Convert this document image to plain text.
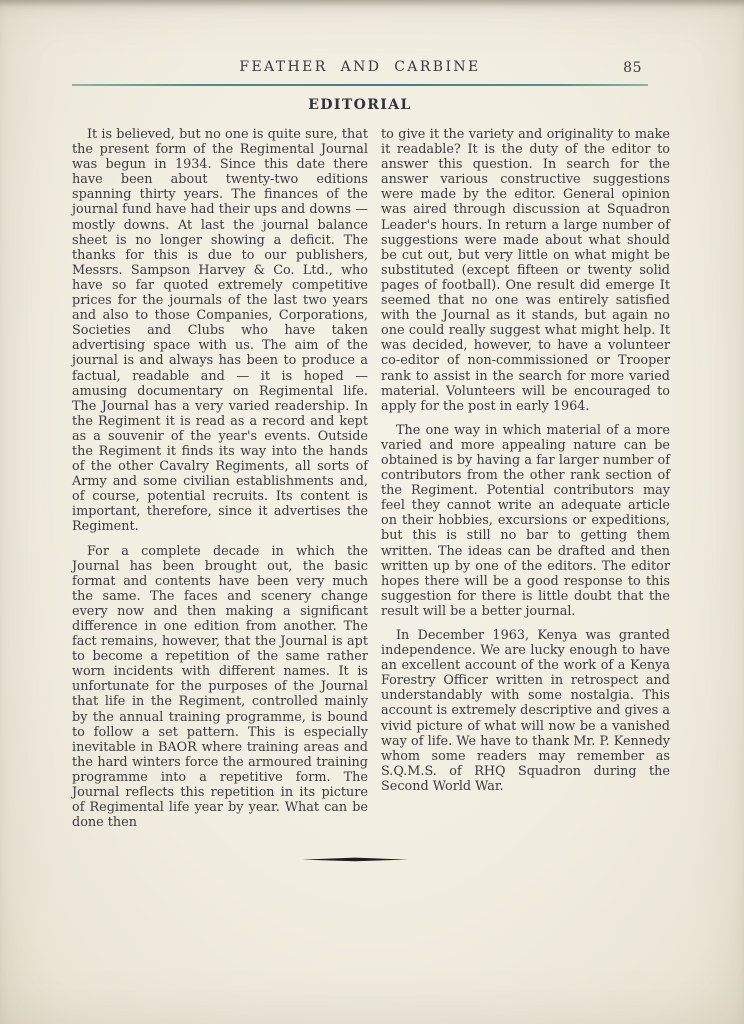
FEATHER AND CARBINE	85
EDITORIAL

It is believed, but no one is quite sure, that the present form of the Regimental Journal was begun in 1934. Since this date there have been about twenty-two editions spanning thirty years. The finances of the journal fund have had their ups and downs —mostly downs. At last the journal balance sheet is no longer showing a deficit. The thanks for this is due to our publishers, Messrs. Sampson Harvey & Co. Ltd., who have so far quoted extremely competitive prices for the journals of the last two years and also to those Companies, Corporations, Societies and Clubs who have taken advertising space with us. The aim of the journal is and always has been to produce a factual, readable and — it is hoped — amusing documentary on Regimental life. The Journal has a very varied readership. In the Regiment it is read as a record and kept as a souvenir of the year's events. Outside the Regiment it finds its way into the hands of the other Cavalry Regiments, all sorts of Army and some civilian establishments and, of course, potential recruits. Its content is important, therefore, since it advertises the Regiment.

For a complete decade in which the Journal has been brought out, the basic format and contents have been very much the same. The faces and scenery change every now and then making a significant difference in one edition from another. The fact remains, however, that the Journal is apt to become a repetition of the same rather worn incidents with different names. It is unfortunate for the purposes of the Journal that life in the Regiment, controlled mainly by the annual training programme, is bound to follow a set pattern. This is especially inevitable in BAOR where training areas and the hard winters force the armoured training programme into a repetitive form. The Journal reflects this repetition in its picture of Regimental life year by year. What can be done then

to give it the variety and originality to make it readable? It is the duty of the editor to answer this question. In search for the answer various constructive suggestions were made by the editor. General opinion was aired through discussion at Squadron Leader's hours. In return a large number of suggestions were made about what should be cut out, but very little on what might be substituted (except fifteen or twenty solid pages of football). One result did emerge It seemed that no one was entirely satisfied with the Journal as it stands, but again no one could really suggest what might help. It was decided, however, to have a volunteer co-editor of non-commissioned or Trooper rank to assist in the search for more varied material. Volunteers will be encouraged to apply for the post in early 1964.

The one way in which material of a more varied and more appealing nature can be obtained is by having a far larger number of contributors from the other rank section of the Regiment. Potential contributors may feel they cannot write an adequate article on their hobbies, excursions or expeditions, but this is still no bar to getting them written. The ideas can be drafted and then written up by one of the editors. The editor hopes there will be a good response to this suggestion for there is little doubt that the result will be a better journal.

In December 1963, Kenya was granted independence. We are lucky enough to have an excellent account of the work of a Kenya Forestry Officer written in retrospect and understandably with some nostalgia. This account is extremely descriptive and gives a vivid picture of what will now be a vanished way of life. We have to thank Mr. P. Kennedy whom some readers may remember as S.Q.M.S. of RHQ Squadron during the Second World War.
